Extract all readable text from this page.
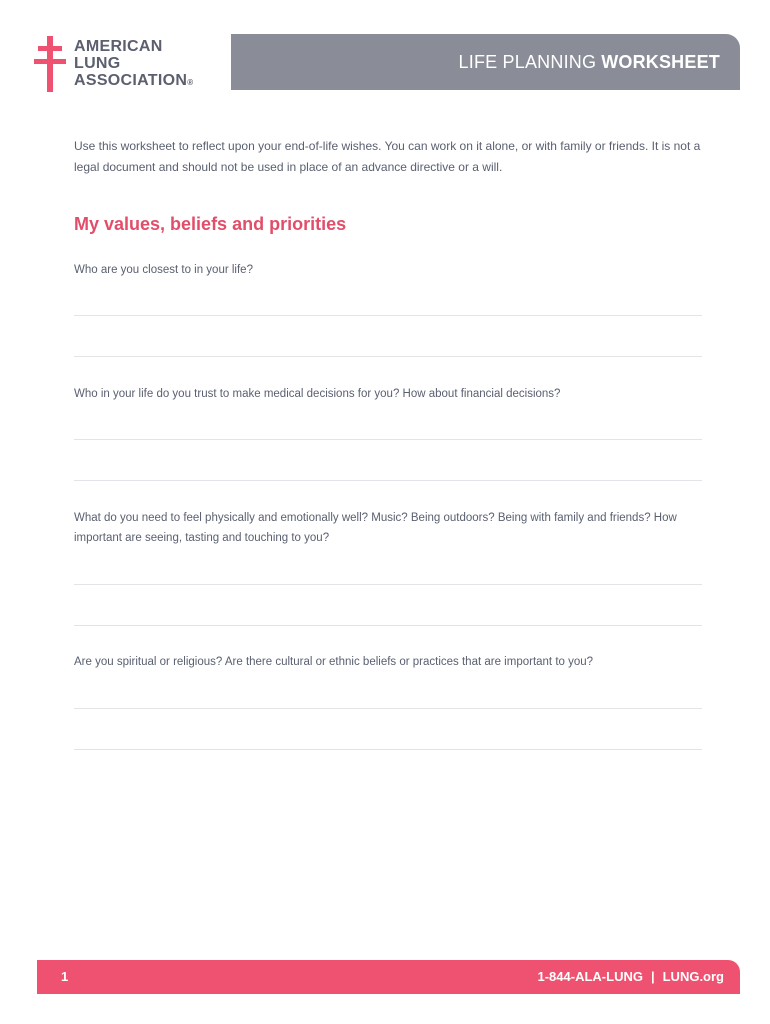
AMERICAN
LUNG
ASSOCIATION®
LIFE PLANNING WORKSHEET
Use this worksheet to reflect upon your end-of-life wishes. You can work on it alone, or with family or friends. It is not a legal document and should not be used in place of an advance directive or a will.
My values, beliefs and priorities
Who are you closest to in your life?
Who in your life do you trust to make medical decisions for you? How about financial decisions?
What do you need to feel physically and emotionally well? Music? Being outdoors? Being with family and friends? How important are seeing, tasting and touching to you?
Are you spiritual or religious? Are there cultural or ethnic beliefs or practices that are important to you?
1	1-844-ALA-LUNG | LUNG.org
